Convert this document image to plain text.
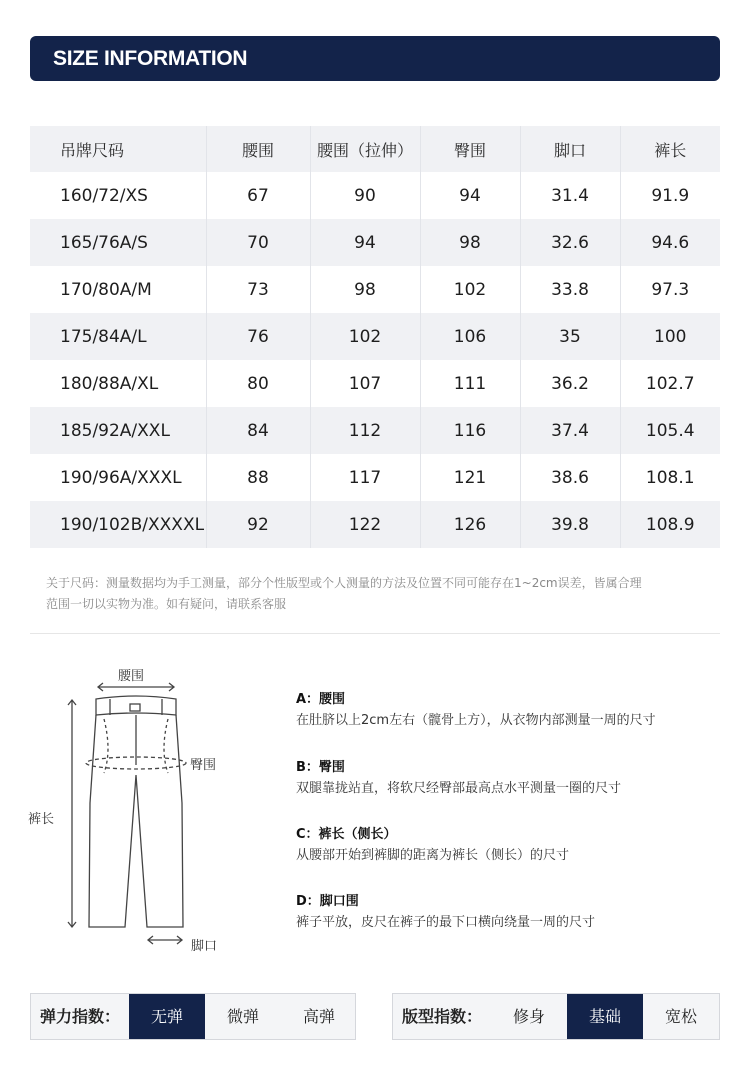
SIZE INFORMATION
吊牌尺码	腰围	腰围（拉伸）	臀围	脚口	裤长
160/72/XS	67	90	94	31.4	91.9
165/76A/S	70	94	98	32.6	94.6
170/80A/M	73	98	102	33.8	97.3
175/84A/L	76	102	106	35	100
180/88A/XL	80	107	111	36.2	102.7
185/92A/XXL	84	112	116	37.4	105.4
190/96A/XXXL	88	117	121	38.6	108.1
190/102B/XXXXL	92	122	126	39.8	108.9
关于尺码：测量数据均为手工测量，部分个性版型或个人测量的方法及位置不同可能存在1~2cm误差，皆属合理
范围一切以实物为准。如有疑问，请联系客服
腰围
臀围
裤长
脚口
A：腰围
在肚脐以上2cm左右（髋骨上方），从衣物内部测量一周的尺寸
B：臀围
双腿靠拢站直，将软尺经臀部最高点水平测量一圈的尺寸
C：裤长（侧长）
从腰部开始到裤脚的距离为裤长（侧长）的尺寸
D：脚口围
裤子平放，皮尺在裤子的最下口横向绕量一周的尺寸
弹力指数：	无弹	微弹	高弹	版型指数：	修身	基础	宽松
